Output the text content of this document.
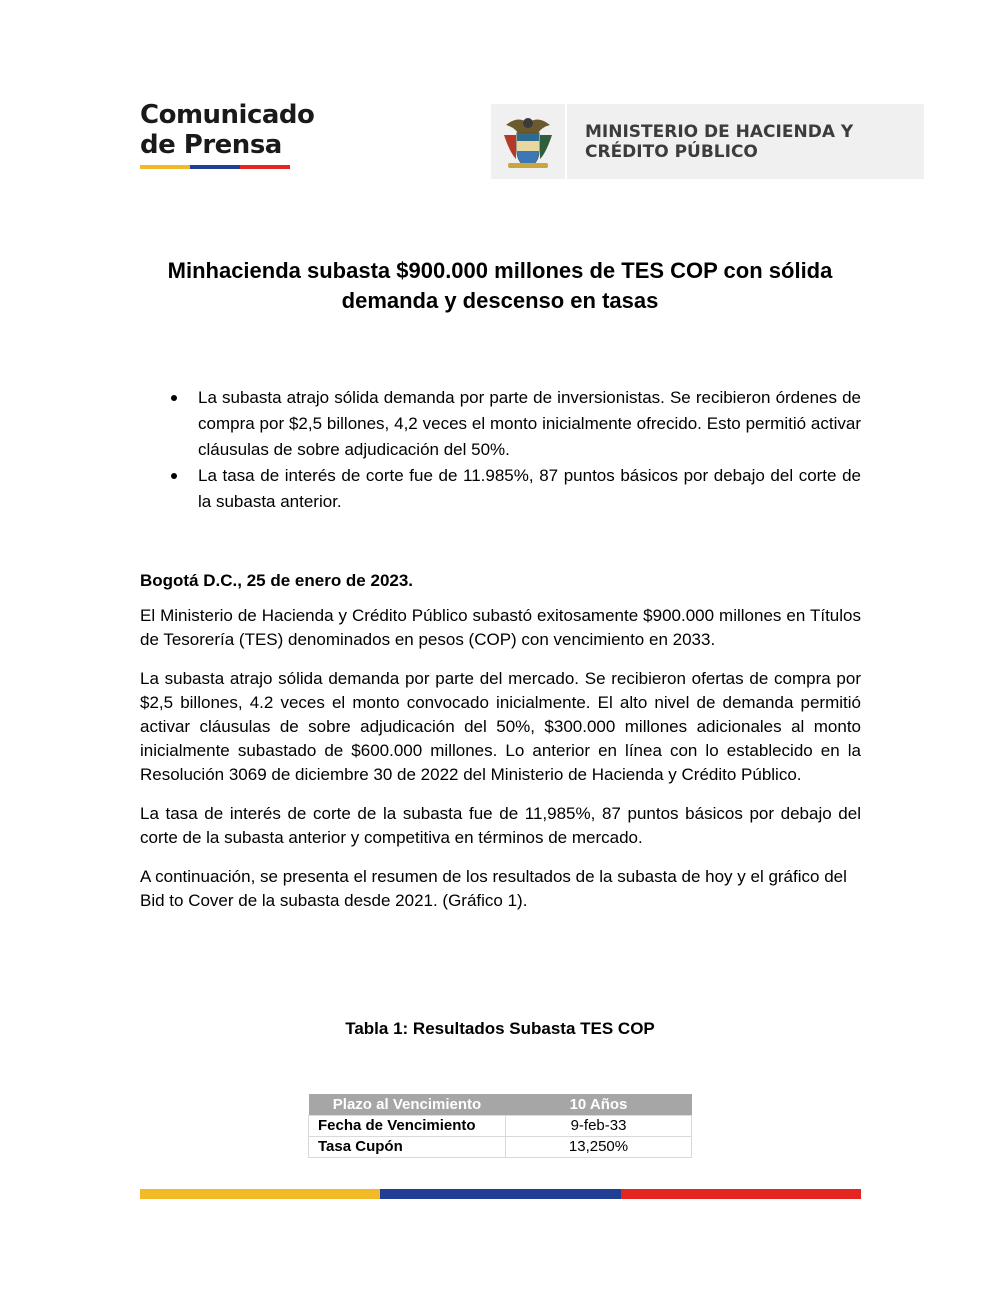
Comunicado
de Prensa	MINISTERIO DE HACIENDA Y
CRÉDITO PÚBLICO
Minhacienda subasta $900.000 millones de TES COP con sólida demanda y descenso en tasas
La subasta atrajo sólida demanda por parte de inversionistas. Se recibieron órdenes de compra por $2,5 billones, 4,2 veces el monto inicialmente ofrecido. Esto permitió activar cláusulas de sobre adjudicación del 50%.
La tasa de interés de corte fue de 11.985%, 87 puntos básicos por debajo del corte de la subasta anterior.
Bogotá D.C., 25 de enero de 2023.

El Ministerio de Hacienda y Crédito Público subastó exitosamente $900.000 millones en Títulos de Tesorería (TES) denominados en pesos (COP) con vencimiento en 2033.

La subasta atrajo sólida demanda por parte del mercado. Se recibieron ofertas de compra por $2,5 billones, 4.2 veces el monto convocado inicialmente. El alto nivel de demanda permitió activar cláusulas de sobre adjudicación del 50%, $300.000 millones adicionales al monto inicialmente subastado de $600.000 millones. Lo anterior en línea con lo establecido en la Resolución 3069 de diciembre 30 de 2022 del Ministerio de Hacienda y Crédito Público.

La tasa de interés de corte de la subasta fue de 11,985%, 87 puntos básicos por debajo del corte de la subasta anterior y competitiva en términos de mercado.

A continuación, se presenta el resumen de los resultados de la subasta de hoy y el gráfico del Bid to Cover de la subasta desde 2021. (Gráfico 1).

Tabla 1: Resultados Subasta TES COP
Plazo al Vencimiento	10 Años
Fecha de Vencimiento	9-feb-33
Tasa Cupón	13,250%
